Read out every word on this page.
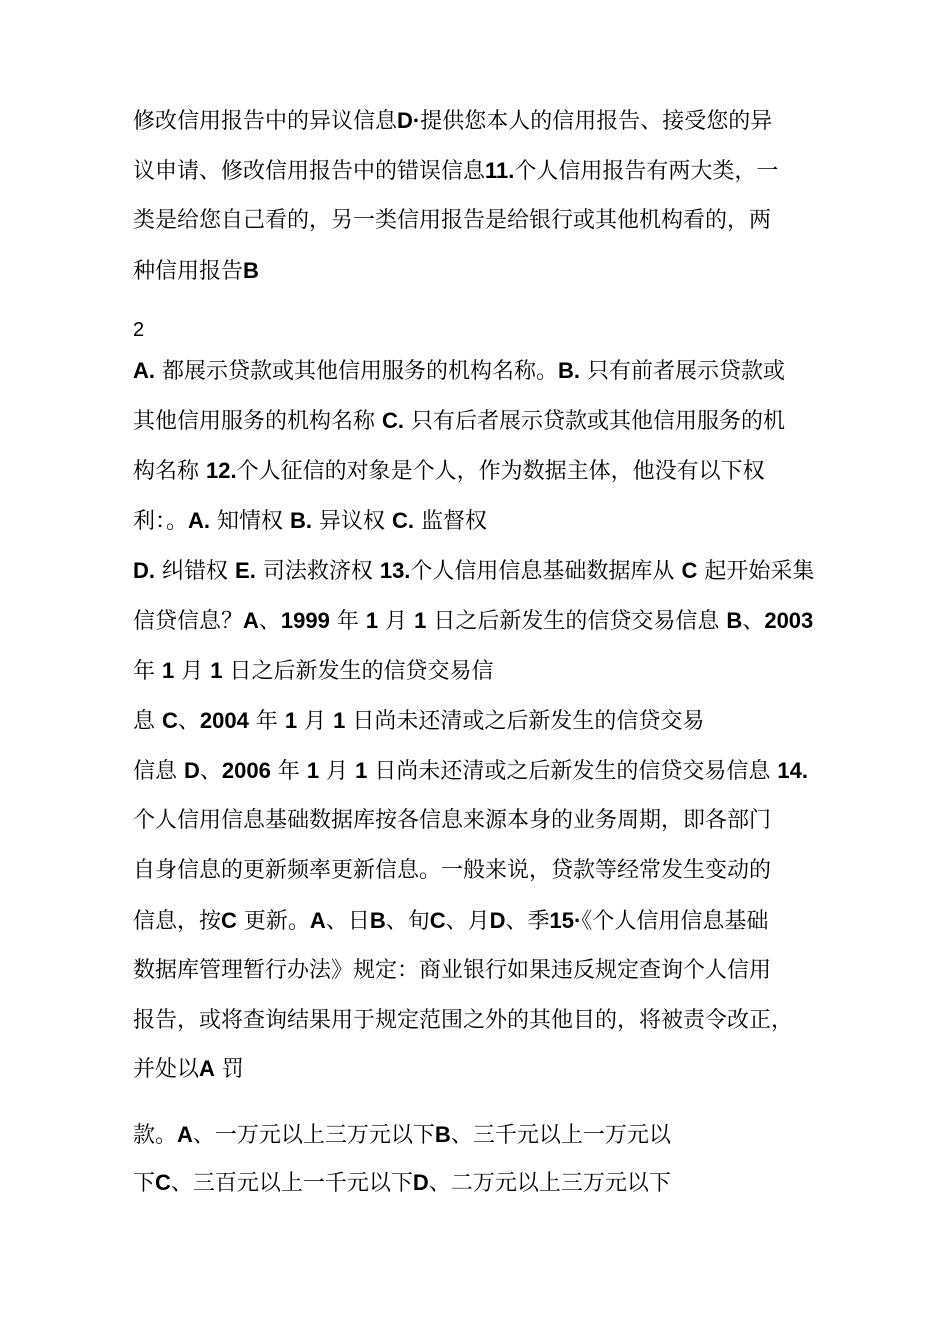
修改信用报告中的异议信息D·提供您本人的信用报告、接受您的异
议申请、修改信用报告中的错误信息11.个人信用报告有两大类，一
类是给您自己看的，另一类信用报告是给银行或其他机构看的，两
种信用报告B
2
A. 都展示贷款或其他信用服务的机构名称。B. 只有前者展示贷款或
其他信用服务的机构名称 C. 只有后者展示贷款或其他信用服务的机
构名称 12.个人征信的对象是个人，作为数据主体，他没有以下权
利：。A. 知情权 B. 异议权 C. 监督权
D. 纠错权 E. 司法救济权 13.个人信用信息基础数据库从 C 起开始采集
信贷信息？A、1999 年 1 月 1 日之后新发生的信贷交易信息 B、2003
年 1 月 1 日之后新发生的信贷交易信
息 C、2004 年 1 月 1 日尚未还清或之后新发生的信贷交易
信息 D、2006 年 1 月 1 日尚未还清或之后新发生的信贷交易信息 14.
个人信用信息基础数据库按各信息来源本身的业务周期，即各部门
自身信息的更新频率更新信息。一般来说，贷款等经常发生变动的
信息，按C 更新。A、日B、旬C、月D、季15·《个人信用信息基础
数据库管理暂行办法》规定：商业银行如果违反规定查询个人信用
报告，或将查询结果用于规定范围之外的其他目的，将被责令改正，
并处以A 罚
款。A、一万元以上三万元以下B、三千元以上一万元以
下C、三百元以上一千元以下D、二万元以上三万元以下
